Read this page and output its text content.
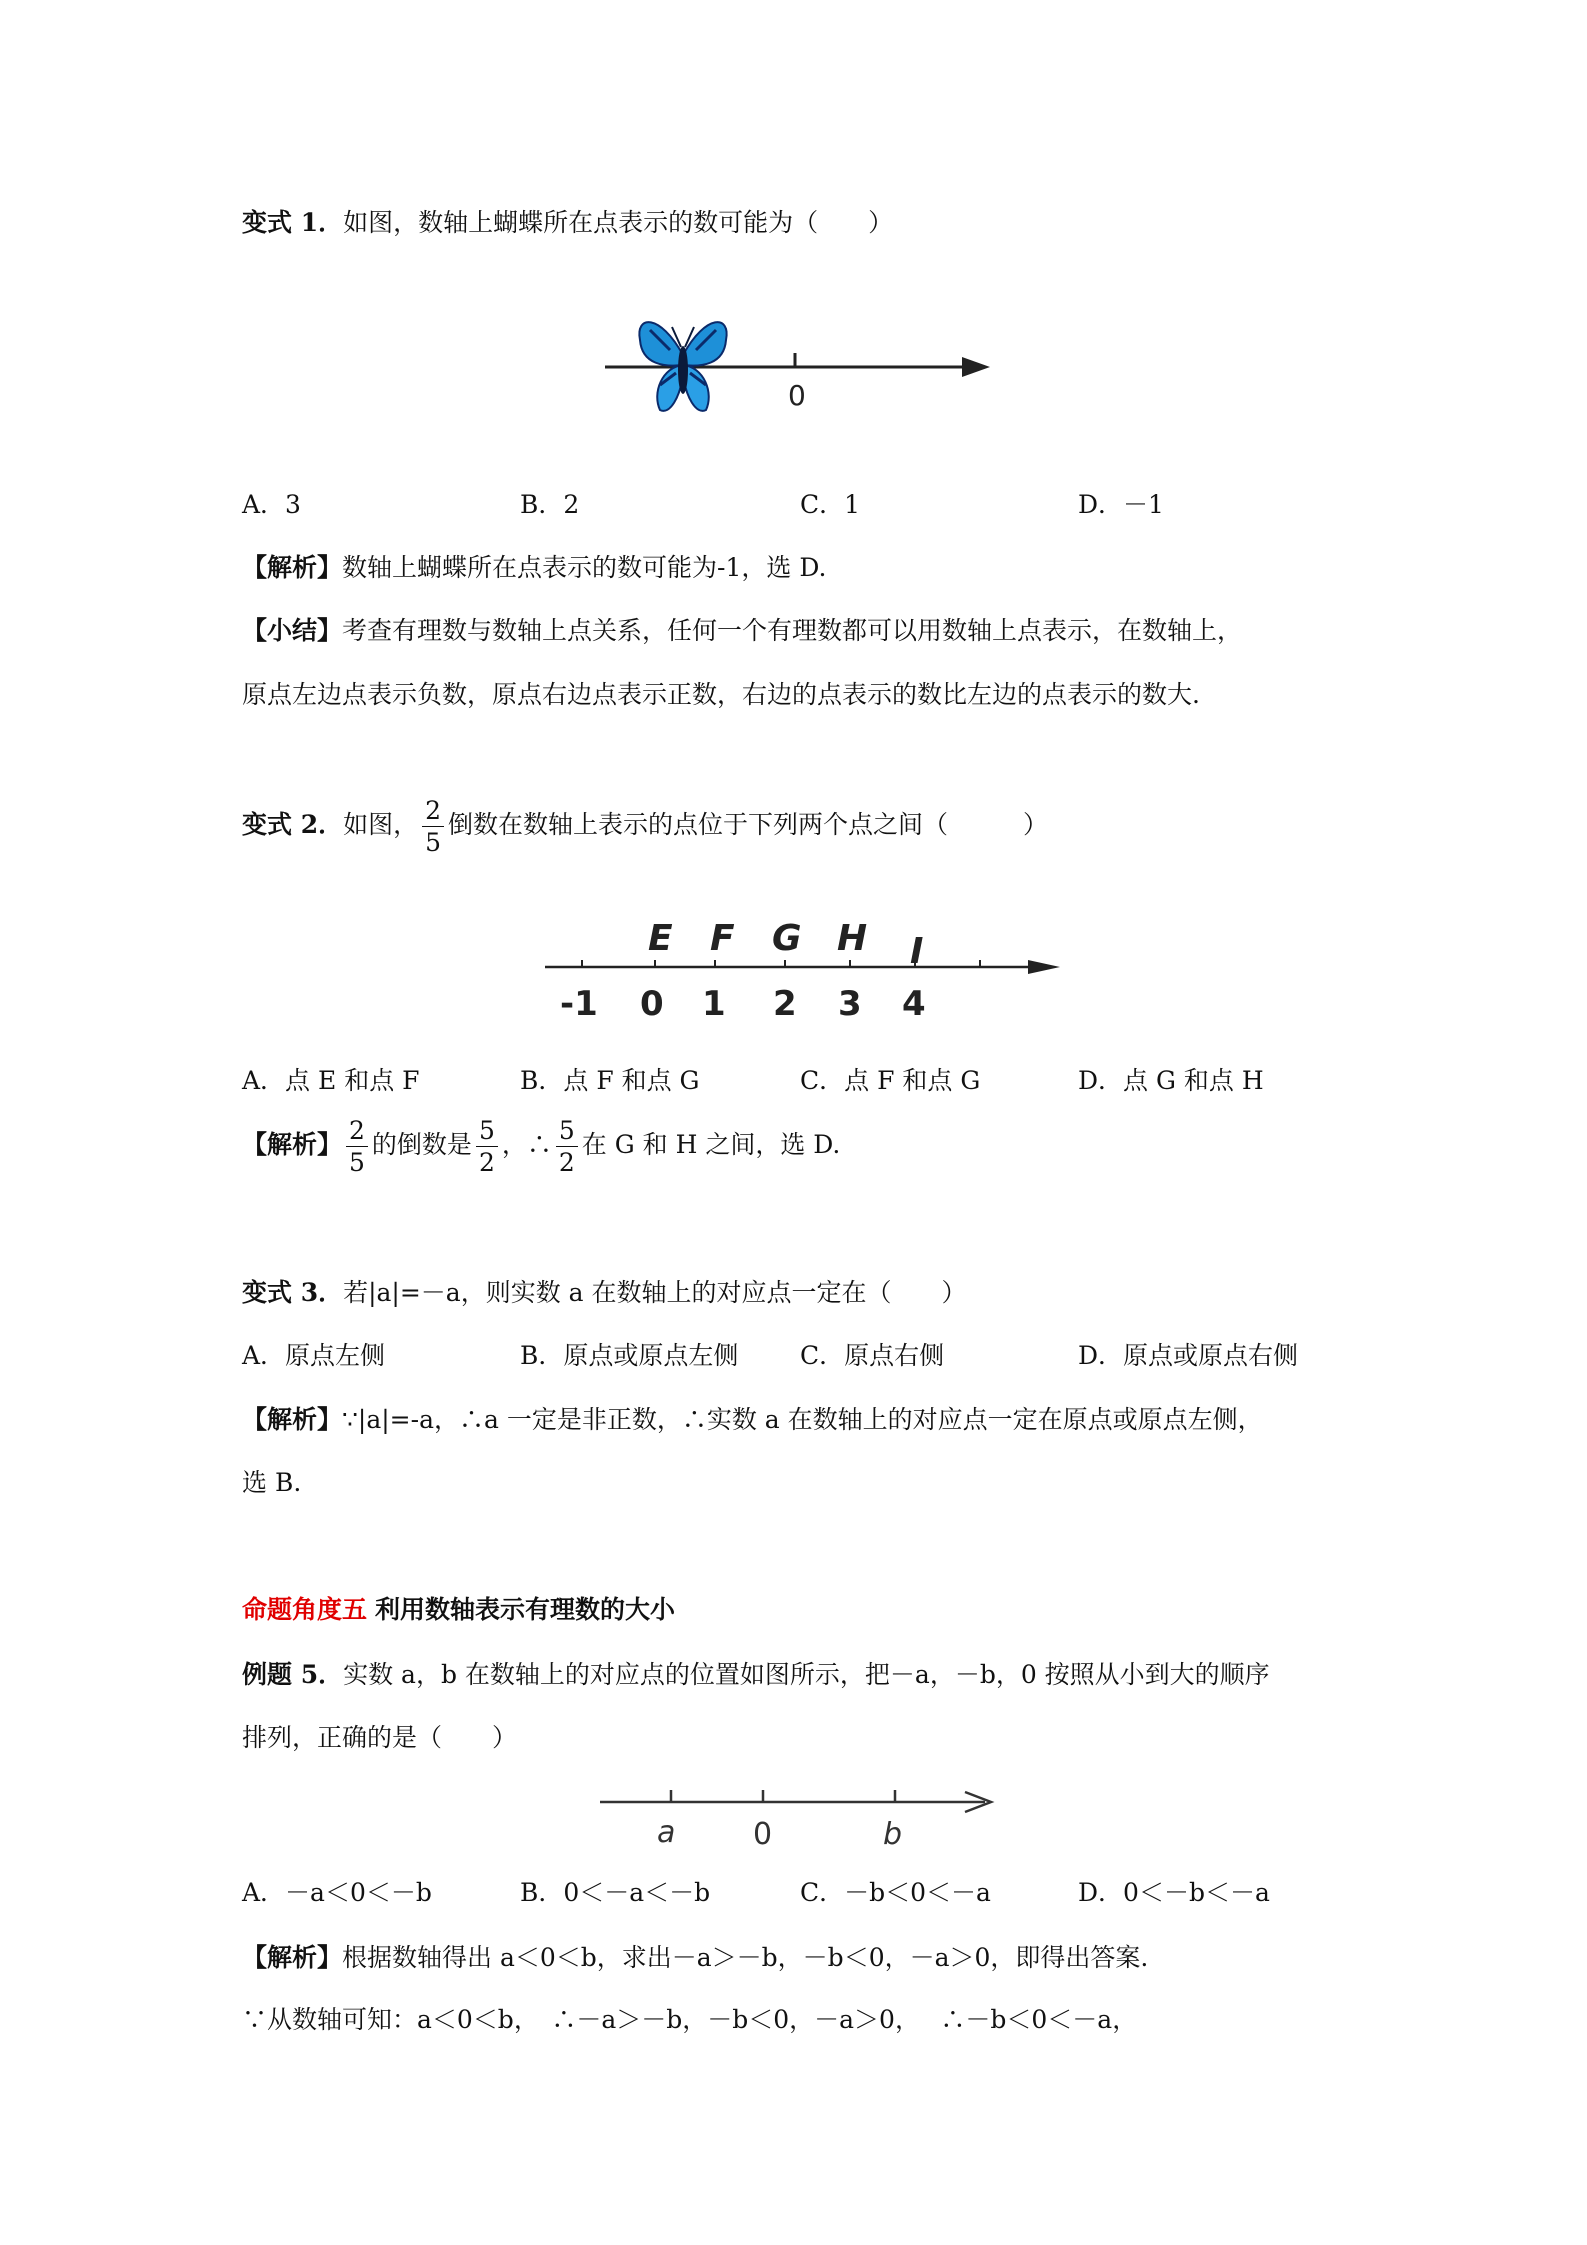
变式 1．如图，数轴上蝴蝶所在点表示的数可能为（　　）
0
A．3	B．2	C．1	D．－1
【解析】数轴上蝴蝶所在点表示的数可能为-1，选 D.
【小结】考查有理数与数轴上点关系，任何一个有理数都可以用数轴上点表示，在数轴上，
原点左边点表示负数，原点右边点表示正数，右边的点表示的数比左边的点表示的数大.
变式 2．如图， $\frac{2}{5}$ 倒数在数轴上表示的点位于下列两个点之间（　　　）
E F G H I
-1 0 1 2 3 4
A．点 E 和点 F	B．点 F 和点 G	C．点 F 和点 G	D．点 G 和点 H
【解析】 $\frac{2}{5}$ 的倒数是 $\frac{5}{2}$ ，∴ $\frac{5}{2}$ 在 G 和 H 之间，选 D.
变式 3．若|a|=－a，则实数 a 在数轴上的对应点一定在（　　）
A．原点左侧	B．原点或原点左侧 C．原点右侧	D．原点或原点右侧
【解析】∵|a|=-a，∴a 一定是非正数，∴实数 a 在数轴上的对应点一定在原点或原点左侧，
选 B.
命题角度五 利用数轴表示有理数的大小
例题 5．实数 a，b 在数轴上的对应点的位置如图所示，把－a，－b，0 按照从小到大的顺序
排列，正确的是（　　）
a	0	b
A．－a＜0＜－b	B．0＜－a＜－b	C．－b＜0＜－a	D．0＜－b＜－a
【解析】根据数轴得出 a＜0＜b，求出－a＞－b，－b＜0，－a＞0，即得出答案.
∵从数轴可知：a＜0＜b，　∴－a＞－b，－b＜0，－a＞0，　 ∴－b＜0＜－a，
